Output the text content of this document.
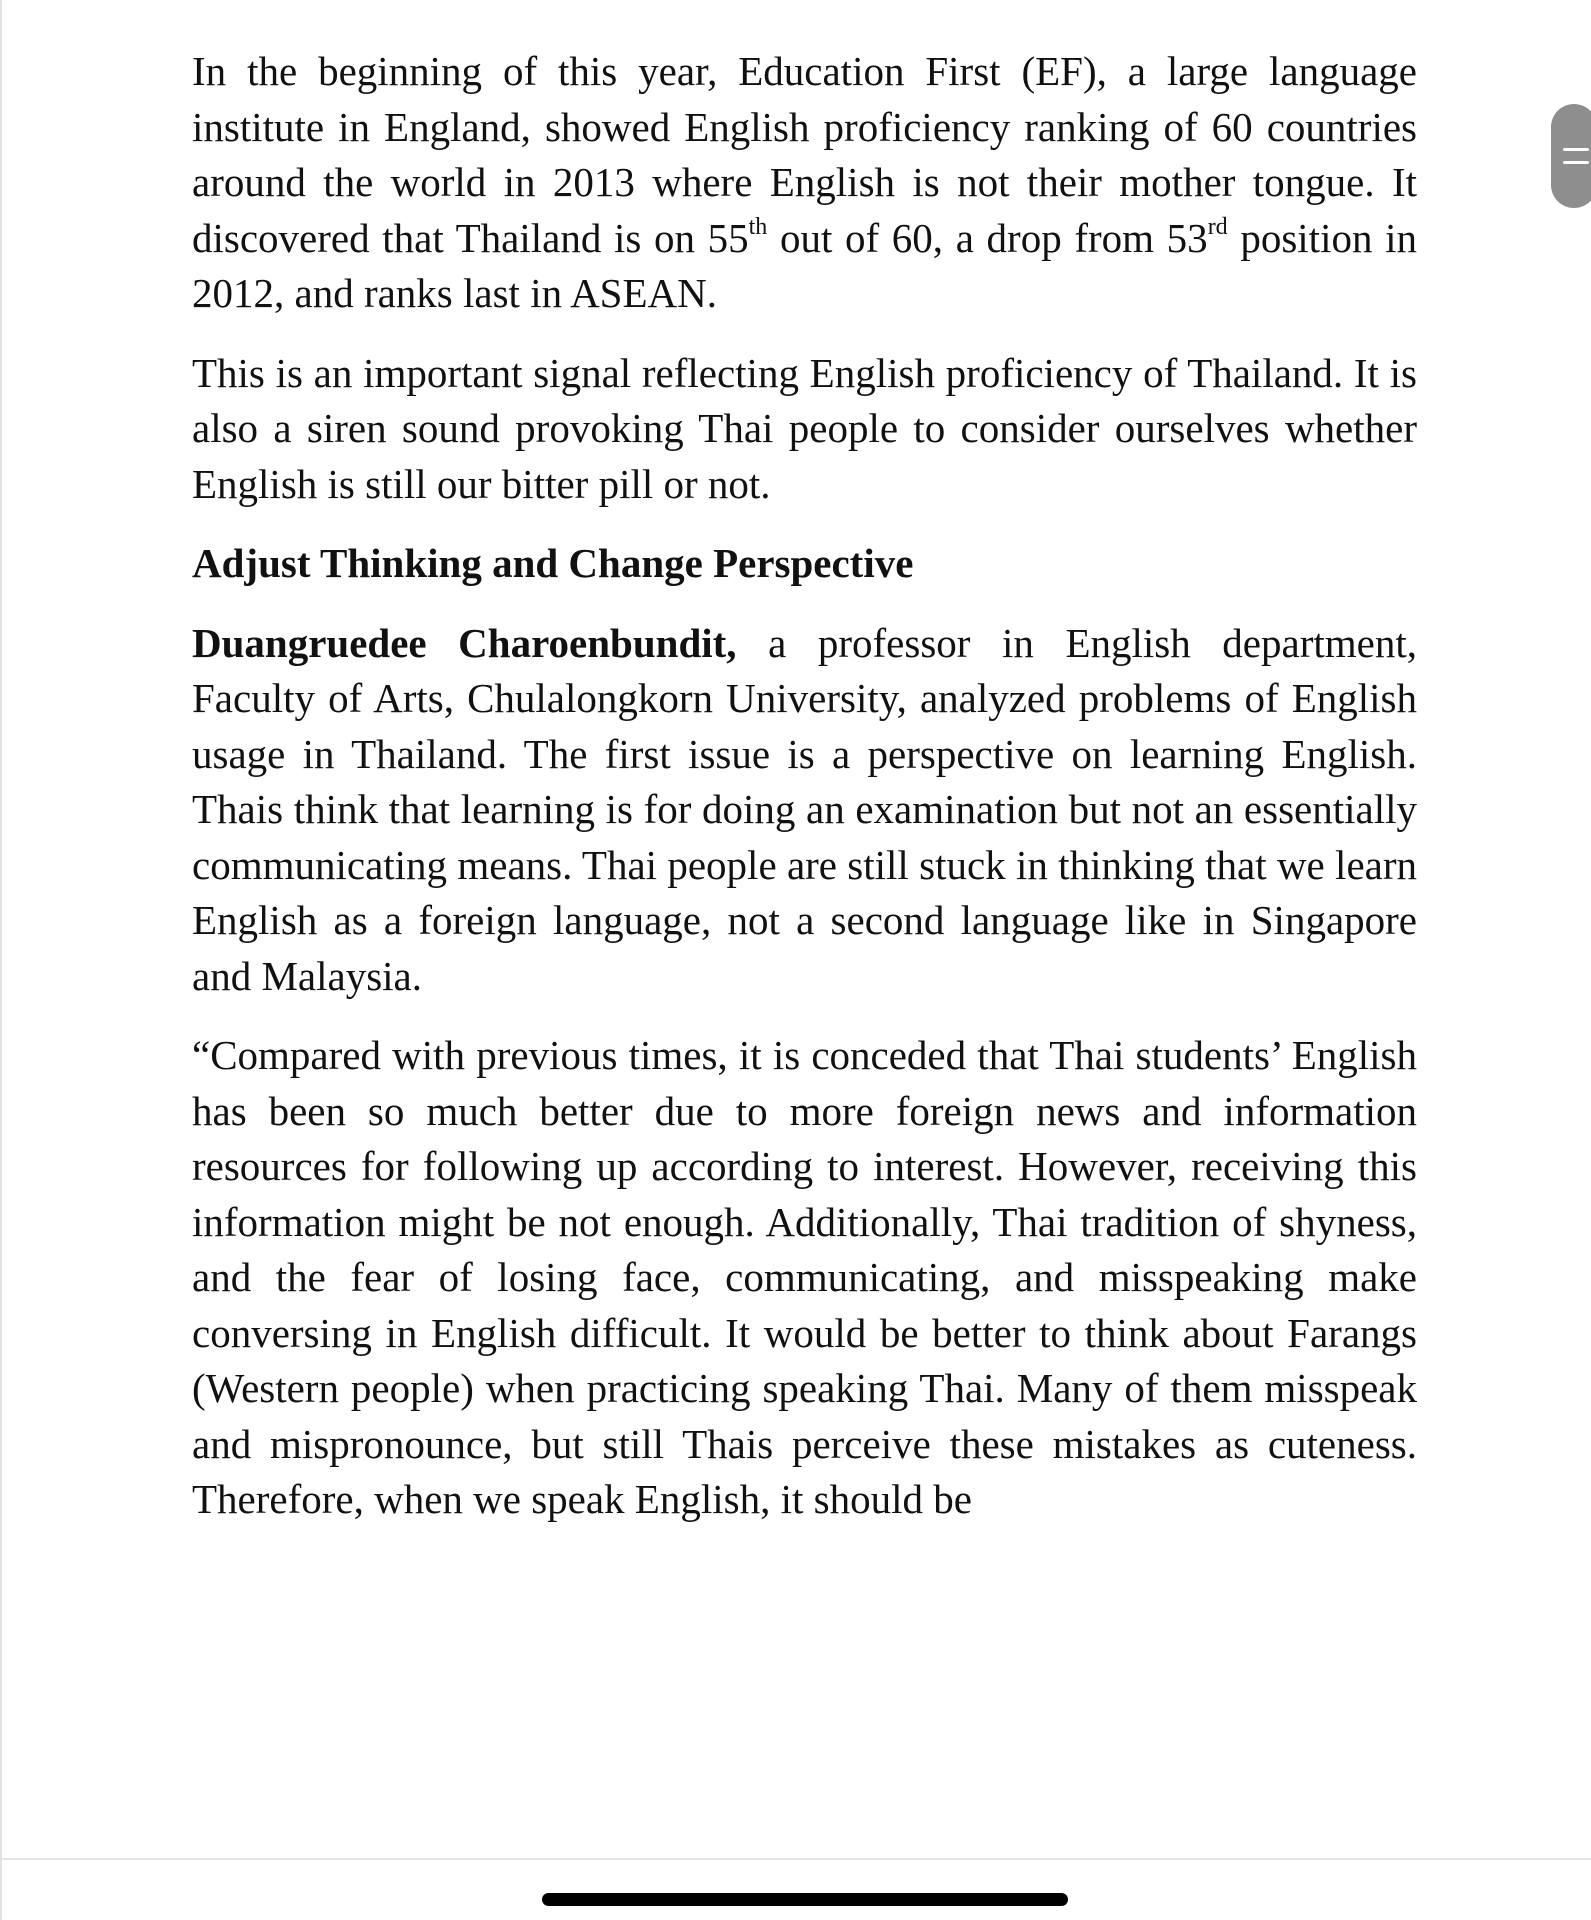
In the beginning of this year, Education First (EF), a large language institute in England, showed English proficiency ranking of 60 countries around the world in 2013 where English is not their mother tongue. It discovered that Thailand is on 55th out of 60, a drop from 53rd position in 2012, and ranks last in ASEAN.

This is an important signal reflecting English proficiency of Thailand. It is also a siren sound provoking Thai people to consider ourselves whether English is still our bitter pill or not.

Adjust Thinking and Change Perspective

Duangruedee Charoenbundit, a professor in English department, Faculty of Arts, Chulalongkorn University, analyzed problems of English usage in Thailand. The first issue is a perspective on learning English. Thais think that learning is for doing an examination but not an essentially communicating means. Thai people are still stuck in thinking that we learn English as a foreign language, not a second language like in Singapore and Malaysia.

“Compared with previous times, it is conceded that Thai students’ English has been so much better due to more foreign news and information resources for following up according to interest. However, receiving this information might be not enough. Additionally, Thai tradition of shyness, and the fear of losing face, communicating, and misspeaking make conversing in English difficult. It would be better to think about Farangs (Western people) when practicing speaking Thai. Many of them misspeak and mispronounce, but still Thais perceive these mistakes as cuteness. Therefore, when we speak English, it should be
